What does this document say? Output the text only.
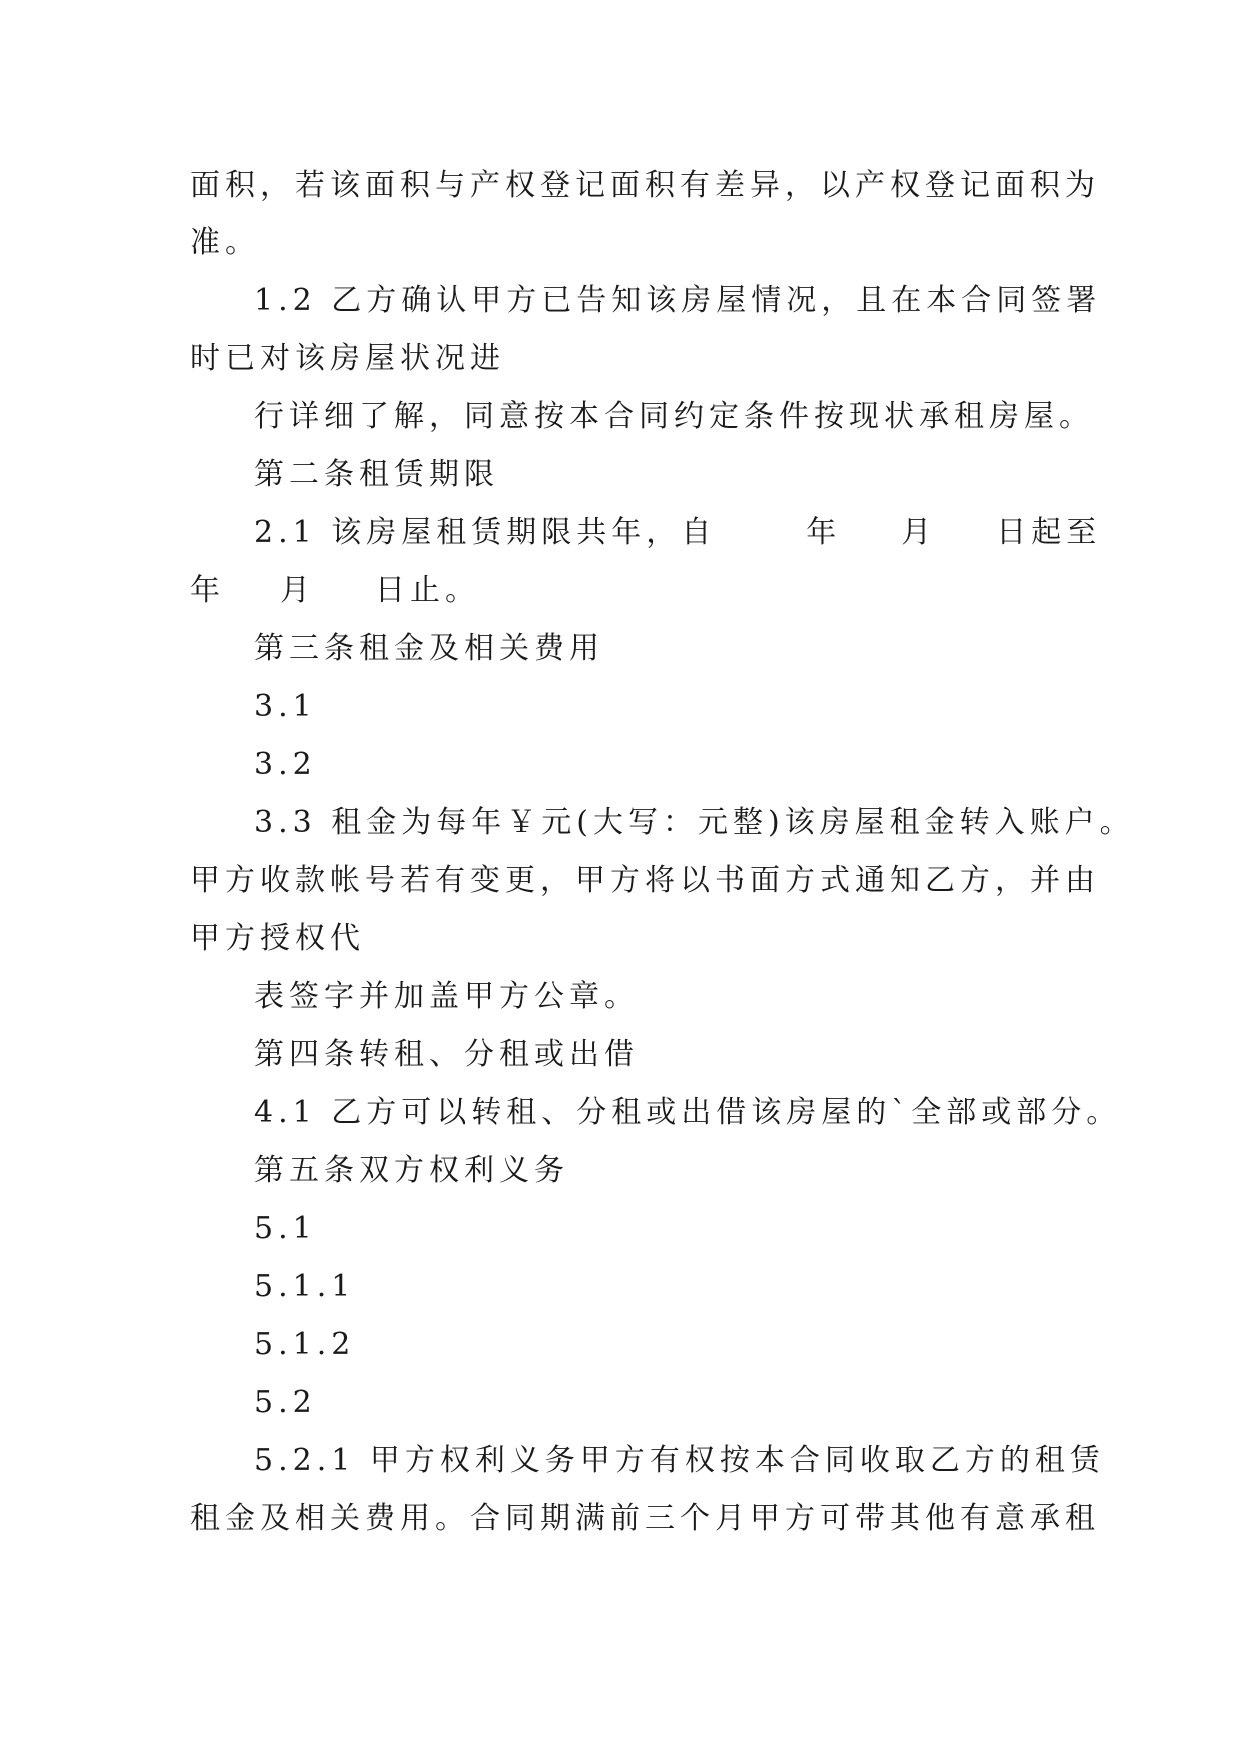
面积，若该面积与产权登记面积有差异，以产权登记面积为
准。
1.2 乙方确认甲方已告知该房屋情况，且在本合同签署
时已对该房屋状况进
行详细了解，同意按本合同约定条件按现状承租房屋。
第二条租赁期限
2.1 该房屋租赁期限共年，自	年 月 日起至
年 月 日止。
第三条租金及相关费用
3.1
3.2
3.3 租金为每年￥元(大写：元整)该房屋租金转入账户。
甲方收款帐号若有变更，甲方将以书面方式通知乙方，并由
甲方授权代
表签字并加盖甲方公章。
第四条转租、分租或出借
4.1 乙方可以转租、分租或出借该房屋的`全部或部分。
第五条双方权利义务
5.1
5.1.1
5.1.2
5.2
5.2.1 甲方权利义务甲方有权按本合同收取乙方的租赁
租金及相关费用。合同期满前三个月甲方可带其他有意承租
